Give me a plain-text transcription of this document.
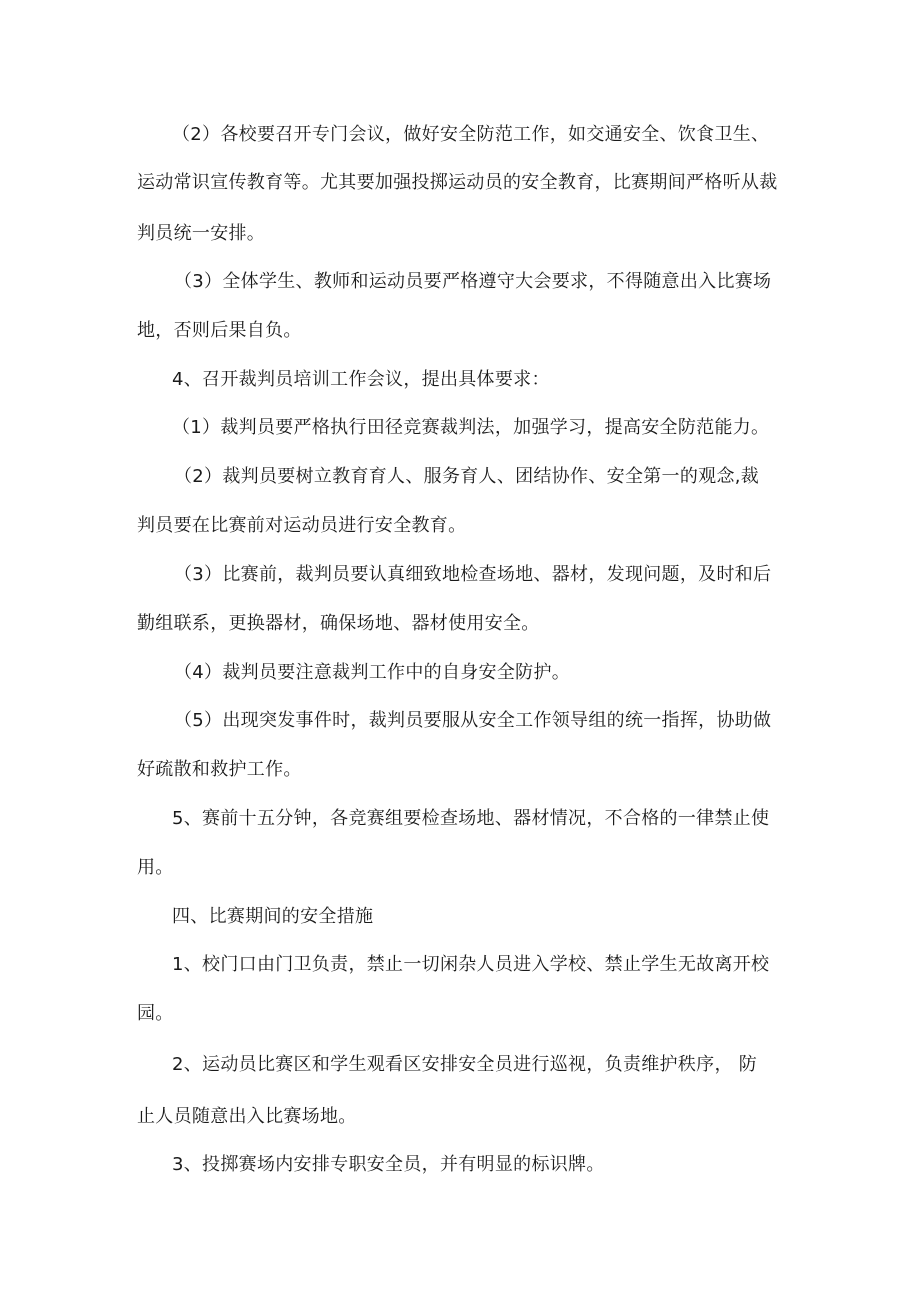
（2）各校要召开专门会议，做好安全防范工作，如交通安全、饮食卫生、
运动常识宣传教育等。尤其要加强投掷运动员的安全教育，比赛期间严格听从裁
判员统一安排。
（3）全体学生、教师和运动员要严格遵守大会要求，不得随意出入比赛场
地，否则后果自负。
4、召开裁判员培训工作会议，提出具体要求：
（1）裁判员要严格执行田径竞赛裁判法，加强学习，提高安全防范能力。
（2）裁判员要树立教育育人、服务育人、团结协作、安全第一的观念,裁
判员要在比赛前对运动员进行安全教育。
（3）比赛前，裁判员要认真细致地检查场地、器材，发现问题，及时和后
勤组联系，更换器材，确保场地、器材使用安全。
（4）裁判员要注意裁判工作中的自身安全防护。
（5）出现突发事件时，裁判员要服从安全工作领导组的统一指挥，协助做
好疏散和救护工作。
5、赛前十五分钟，各竞赛组要检查场地、器材情况，不合格的一律禁止使
用。
四、比赛期间的安全措施
1、校门口由门卫负责，禁止一切闲杂人员进入学校、禁止学生无故离开校
园。
2、运动员比赛区和学生观看区安排安全员进行巡视，负责维护秩序， 防
止人员随意出入比赛场地。
3、投掷赛场内安排专职安全员，并有明显的标识牌。
